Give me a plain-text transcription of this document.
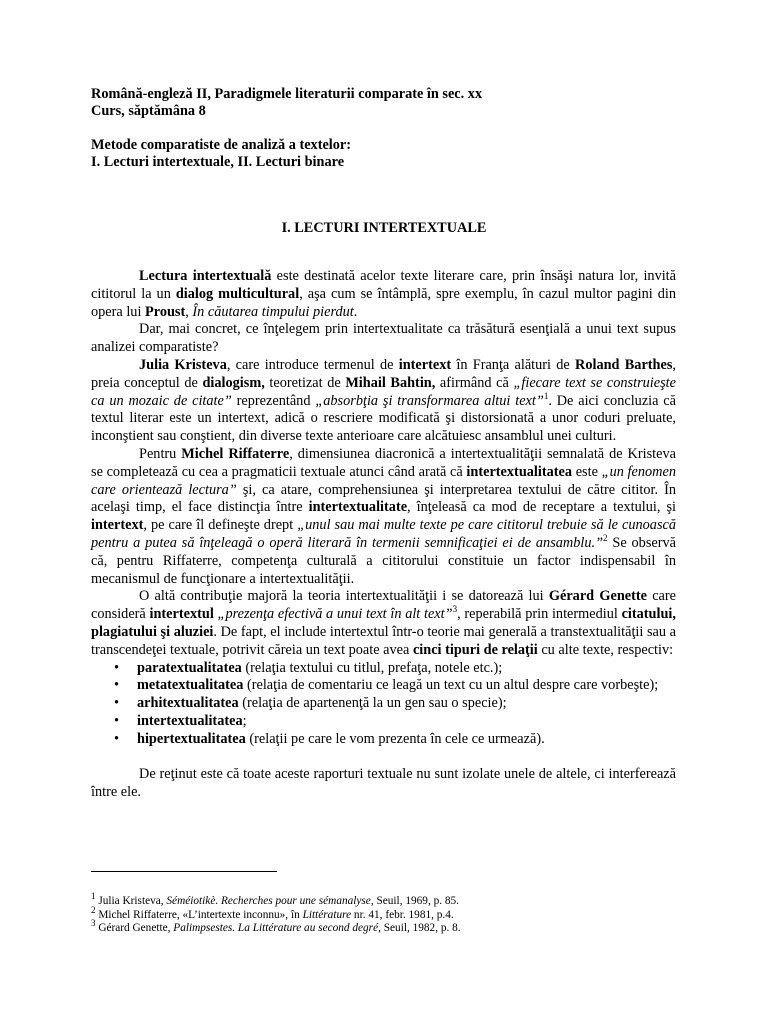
Română-engleză II, Paradigmele literaturii comparate în sec. xx
Curs, săptămâna 8
Metode comparatiste de analiză a textelor:
I. Lecturi intertextuale, II. Lecturi binare
I. LECTURI INTERTEXTUALE

Lectura intertextuală este destinată acelor texte literare care, prin însăşi natura lor, invită cititorul la un dialog multicultural, aşa cum se întâmplă, spre exemplu, în cazul multor pagini din opera lui Proust, În căutarea timpului pierdut.

Dar, mai concret, ce înţelegem prin intertextualitate ca trăsătură esenţială a unui text supus analizei comparatiste?

Julia Kristeva, care introduce termenul de intertext în Franţa alături de Roland Barthes, preia conceptul de dialogism, teoretizat de Mihail Bahtin, afirmând că „fiecare text se construieşte ca un mozaic de citate” reprezentând „absorbţia şi transformarea altui text”$^1$. De aici concluzia că textul literar este un intertext, adică o rescriere modificată şi distorsionată a unor coduri preluate, inconştient sau conştient, din diverse texte anterioare care alcătuiesc ansamblul unei culturi.

Pentru Michel Riffaterre, dimensiunea diacronică a intertextualităţii semnalată de Kristeva se completează cu cea a pragmaticii textuale atunci când arată că intertextualitatea este „un fenomen care orientează lectura” şi, ca atare, comprehensiunea şi interpretarea textului de către cititor. În acelaşi timp, el face distincţia între intertextualitate, înţeleasă ca mod de receptare a textului, şi intertext, pe care îl defineşte drept „unul sau mai multe texte pe care cititorul trebuie să le cunoască pentru a putea să înţeleagă o operă literară în termenii semnificaţiei ei de ansamblu.”$^2$ Se observă că, pentru Riffaterre, competenţa culturală a cititorului constituie un factor indispensabil în mecanismul de funcţionare a intertextualităţii.

O altă contribuţie majoră la teoria intertextualităţii i se datorează lui Gérard Genette care consideră intertextul „prezenţa efectivă a unui text în alt text”$^3$, reperabilă prin intermediul citatului, plagiatului şi aluziei. De fapt, el include intertextul într-o teorie mai generală a transtextualităţii sau a transcendeţei textuale, potrivit căreia un text poate avea cinci tipuri de relaţii cu alte texte, respectiv:

• paratextualitatea (relaţia textului cu titlul, prefaţa, notele etc.);
• metatextualitatea (relaţia de comentariu ce leagă un text cu un altul despre care vorbeşte);
• arhitextualitatea (relaţia de apartenenţă la un gen sau o specie);
• intertextualitatea;
• hipertextualitatea (relaţii pe care le vom prezenta în cele ce urmează).

De reţinut este că toate aceste raporturi textuale nu sunt izolate unele de altele, ci interferează între ele.

$^1$ Julia Kristeva, Séméiotikè. Recherches pour une sémanalyse, Seuil, 1969, p. 85.
$^2$ Michel Riffaterre, «L’intertexte inconnu», în Littérature nr. 41, febr. 1981, p.4.
$^3$ Gérard Genette, Palimpsestes. La Littérature au second degré, Seuil, 1982, p. 8.
